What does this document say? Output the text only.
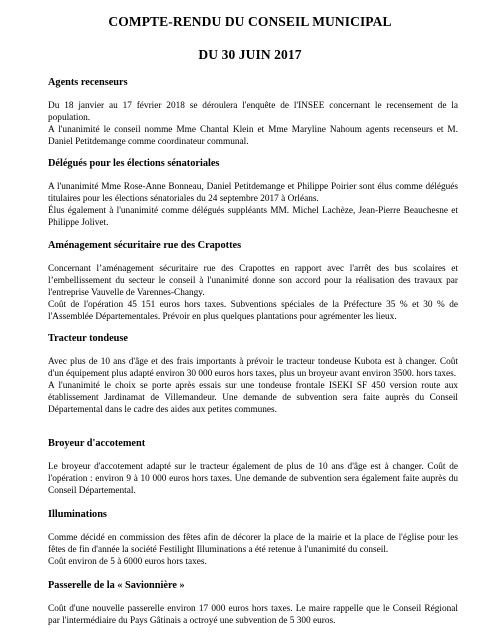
COMPTE-RENDU DU CONSEIL MUNICIPAL
DU 30 JUIN 2017
Agents recenseurs

Du 18 janvier au 17 février 2018 se déroulera l'enquête de l'INSEE concernant le recensement de la population.
A l'unanimité le conseil nomme Mme Chantal Klein et Mme Maryline Nahoum agents recenseurs et M. Daniel Petitdemange comme coordinateur communal.

Délégués pour les élections sénatoriales

A l'unanimité Mme Rose-Anne Bonneau, Daniel Petitdemange et Philippe Poirier sont élus comme délégués titulaires pour les élections sénatoriales du 24 septembre 2017 à Orléans.
Élus également à l'unanimité comme délégués suppléants MM. Michel Lachèze, Jean-Pierre Beauchesne et Philippe Jolivet.

Aménagement sécuritaire rue des Crapottes

Concernant l’aménagement sécuritaire rue des Crapottes en rapport avec l'arrêt des bus scolaires et l’embellissement du secteur le conseil à l'unanimité donne son accord pour la réalisation des travaux par l'entreprise Vauvelle de Varennes-Changy.
Coût de l'opération 45 151 euros hors taxes. Subventions spéciales de la Préfecture 35 % et 30 % de l'Assemblée Départementales. Prévoir en plus quelques plantations pour agrémenter les lieux.

Tracteur tondeuse

Avec plus de 10 ans d'âge et des frais importants à prévoir le tracteur tondeuse Kubota est à changer. Coût d'un équipement plus adapté environ 30 000 euros hors taxes, plus un broyeur avant environ 3500. hors taxes.
A l'unanimité le choix se porte après essais sur une tondeuse frontale ISEKI SF 450 version route aux établissement Jardinamat de Villemandeur. Une demande de subvention sera faite auprès du Conseil Départemental dans le cadre des aides aux petites communes.

Broyeur d'accotement

Le broyeur d'accotement adapté sur le tracteur également de plus de 10 ans d'âge est à changer. Coût de l'opération : environ 9 à 10 000 euros hors taxes. Une demande de subvention sera également faite auprès du Conseil Départemental.

Illuminations

Comme décidé en commission des fêtes afin de décorer la place de la mairie et la place de l'église pour les fêtes de fin d'année la société Festilight Illuminations a été retenue à l'unanimité du conseil.
Coût environ de 5 à 6000 euros hors taxes.

Passerelle de la « Savionnière »

Coût d'une nouvelle passerelle environ 17 000 euros hors taxes. Le maire rappelle que le Conseil Régional par l'intermédiaire du Pays Gâtinais a octroyé une subvention de 5 300 euros.
